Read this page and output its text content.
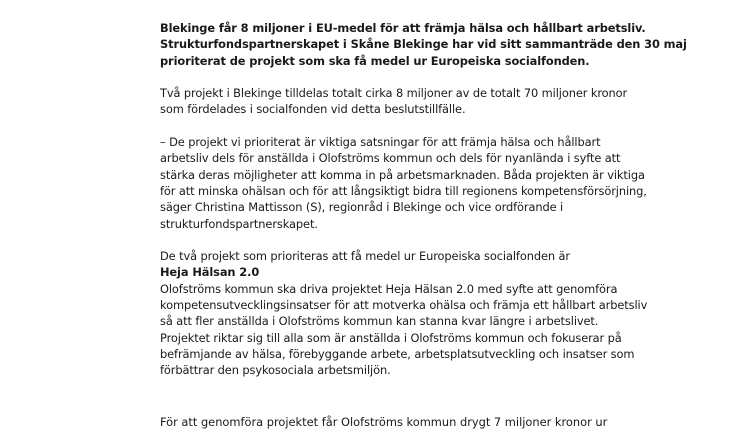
Blekinge får 8 miljoner i EU-medel för att främja hälsa och hållbart arbetsliv.
Strukturfondspartnerskapet i Skåne Blekinge har vid sitt sammanträde den 30 maj
prioriterat de projekt som ska få medel ur Europeiska socialfonden.
Två projekt i Blekinge tilldelas totalt cirka 8 miljoner av de totalt 70 miljoner kronor
som fördelades i socialfonden vid detta beslutstillfälle.
– De projekt vi prioriterat är viktiga satsningar för att främja hälsa och hållbart
arbetsliv dels för anställda i Olofströms kommun och dels för nyanlända i syfte att
stärka deras möjligheter att komma in på arbetsmarknaden. Båda projekten är viktiga
för att minska ohälsan och för att långsiktigt bidra till regionens kompetensförsörjning,
säger Christina Mattisson (S), regionråd i Blekinge och vice ordförande i
strukturfondspartnerskapet.
De två projekt som prioriteras att få medel ur Europeiska socialfonden är
Heja Hälsan 2.0
Olofströms kommun ska driva projektet Heja Hälsan 2.0 med syfte att genomföra
kompetensutvecklingsinsatser för att motverka ohälsa och främja ett hållbart arbetsliv
så att fler anställda i Olofströms kommun kan stanna kvar längre i arbetslivet.
Projektet riktar sig till alla som är anställda i Olofströms kommun och fokuserar på
befrämjande av hälsa, förebyggande arbete, arbetsplatsutveckling och insatser som
förbättrar den psykosociala arbetsmiljön.
För att genomföra projektet får Olofströms kommun drygt 7 miljoner kronor ur
